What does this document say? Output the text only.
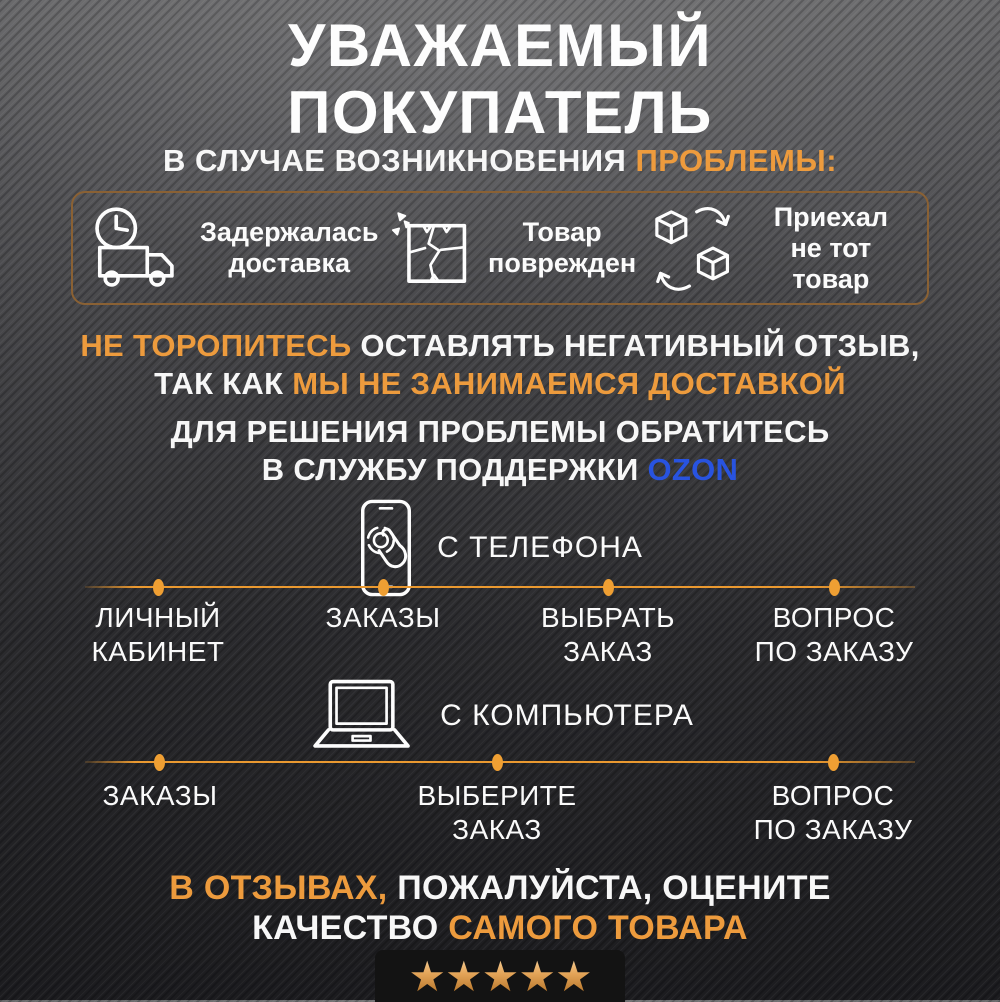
УВАЖАЕМЫЙ
ПОКУПАТЕЛЬ
В СЛУЧАЕ ВОЗНИКНОВЕНИЯ ПРОБЛЕМЫ:
Задержалась
доставка
Товар
поврежден
Приехал
не тот товар
НЕ ТОРОПИТЕСЬ ОСТАВЛЯТЬ НЕГАТИВНЫЙ ОТЗЫВ,
ТАК КАК МЫ НЕ ЗАНИМАЕМСЯ ДОСТАВКОЙ
ДЛЯ РЕШЕНИЯ ПРОБЛЕМЫ ОБРАТИТЕСЬ
В СЛУЖБУ ПОДДЕРЖКИ OZON
С ТЕЛЕФОНА
ЛИЧНЫЙ
КАБИНЕТ
ЗАКАЗЫ	ВЫБРАТЬ
ЗАКАЗ
ВОПРОС
ПО ЗАКАЗУ
С КОМПЬЮТЕРА
ЗАКАЗЫ	ВЫБЕРИТЕ
ЗАКАЗ
ВОПРОС
ПО ЗАКАЗУ
В ОТЗЫВАХ, ПОЖАЛУЙСТА, ОЦЕНИТЕ
КАЧЕСТВО САМОГО ТОВАРА
★★★★★
